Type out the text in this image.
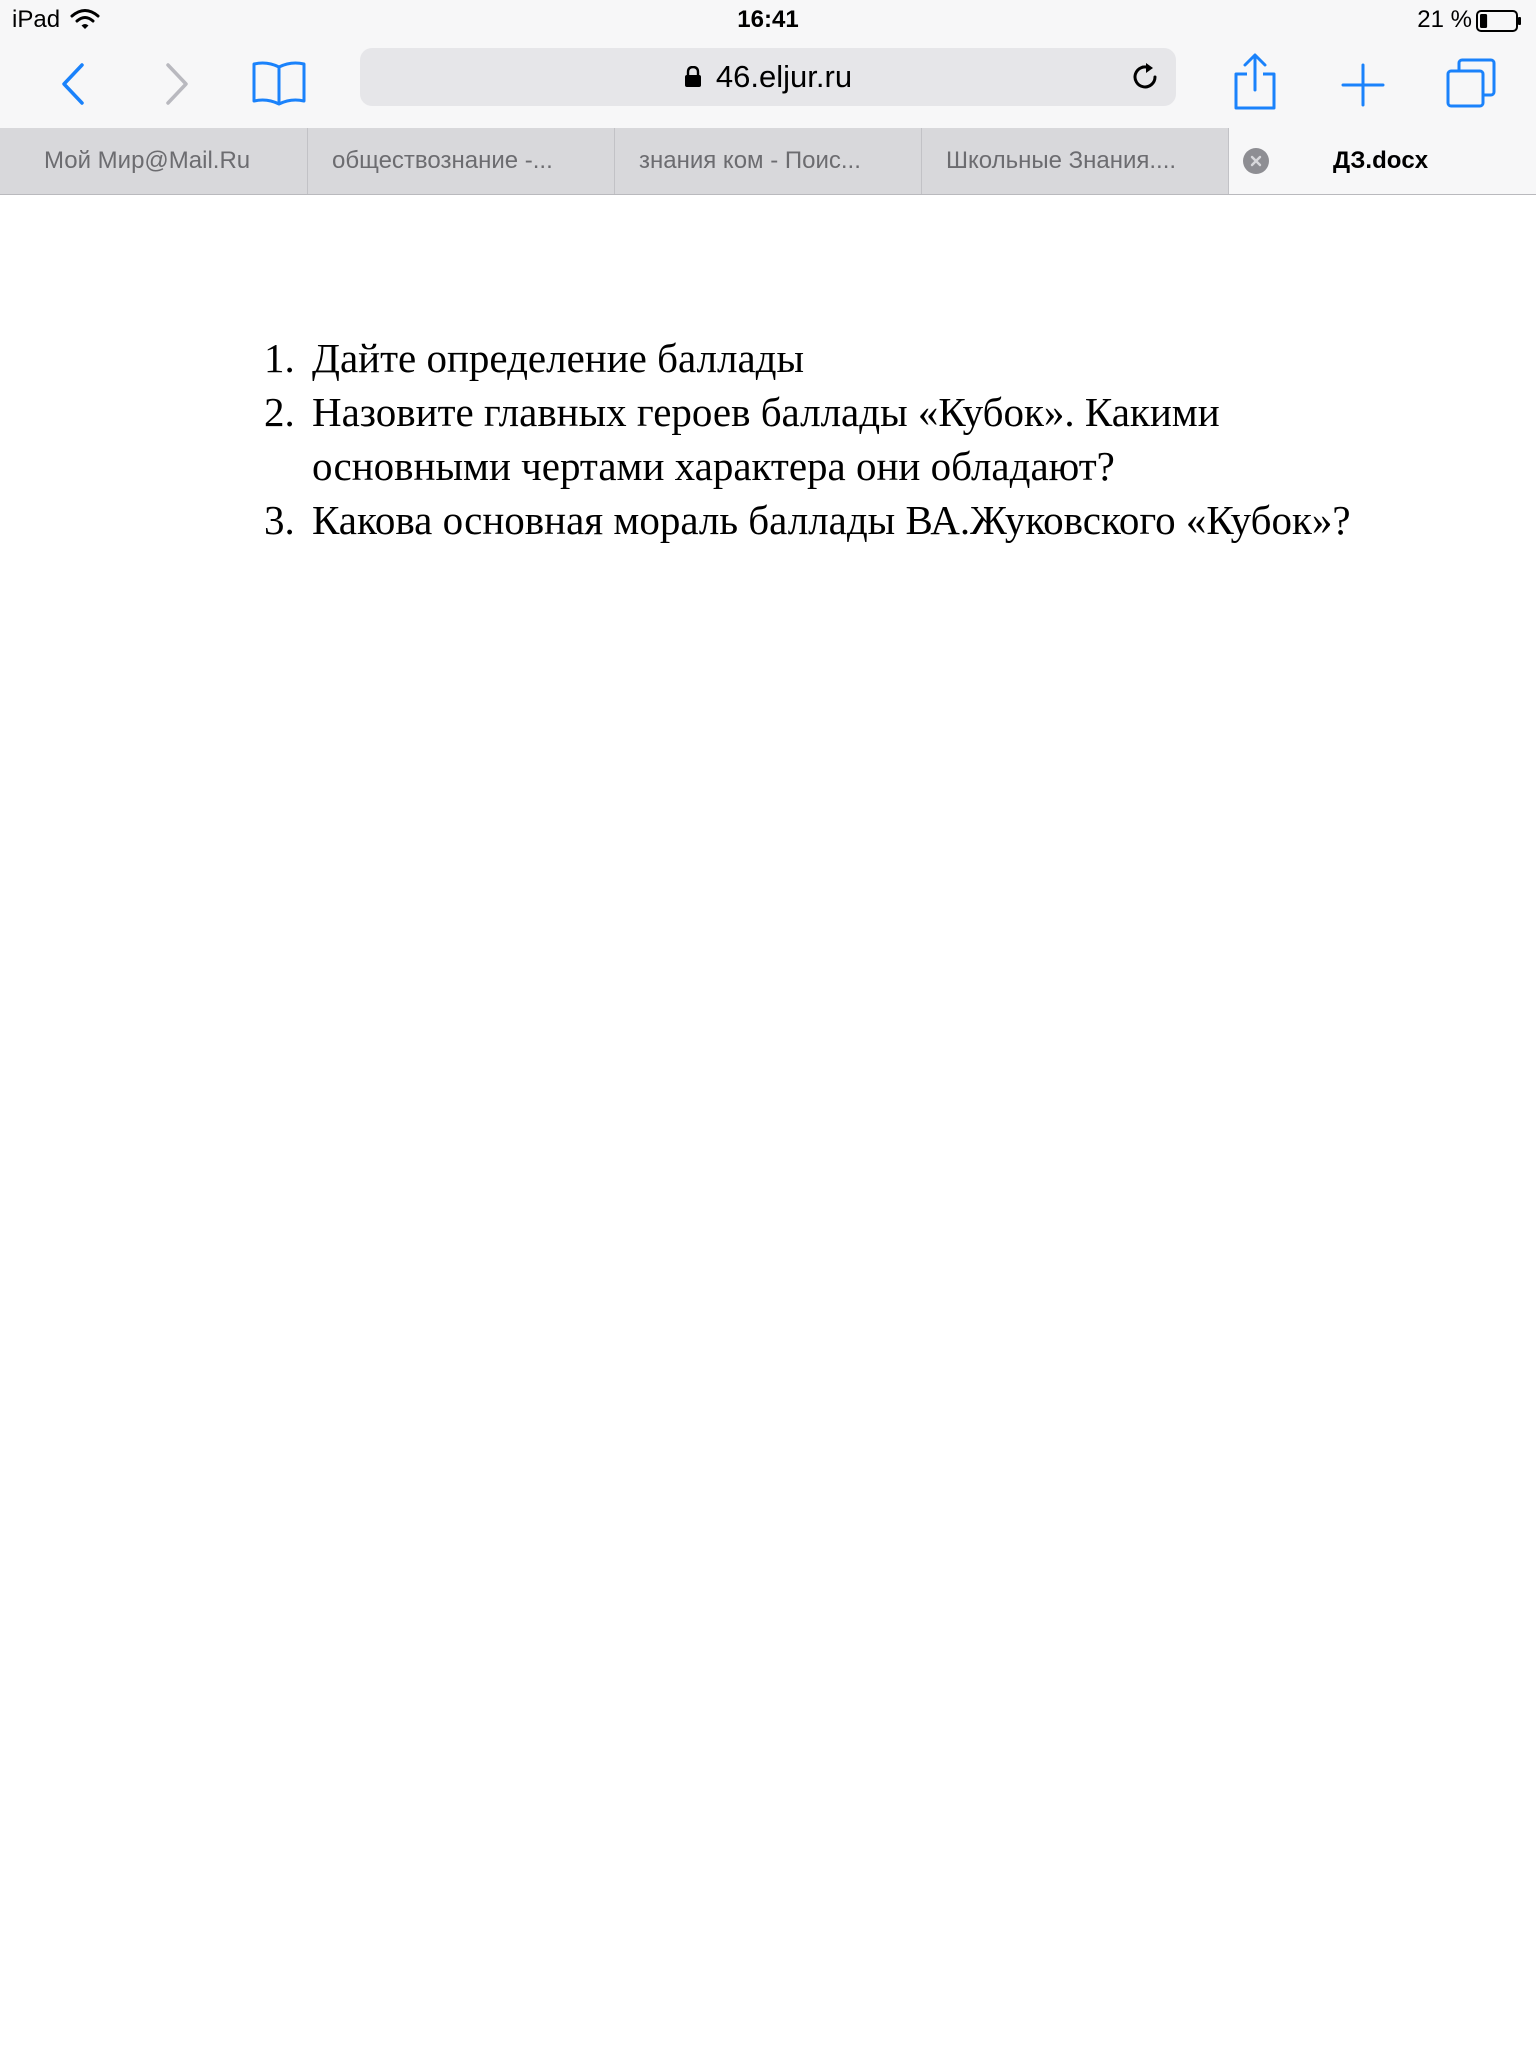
iPad	16:41	21 %
46.eljur.ru
Мой Мир@Mail.Ru	обществознание -...	знания ком - Поис...	Школьные Знания....	ДЗ.docx
1. Дайте определение баллады
2. Назовите главных героев баллады «Кубок». Какими основными чертами характера они обладают?
3. Какова основная мораль баллады ВА.Жуковского «Кубок»?
